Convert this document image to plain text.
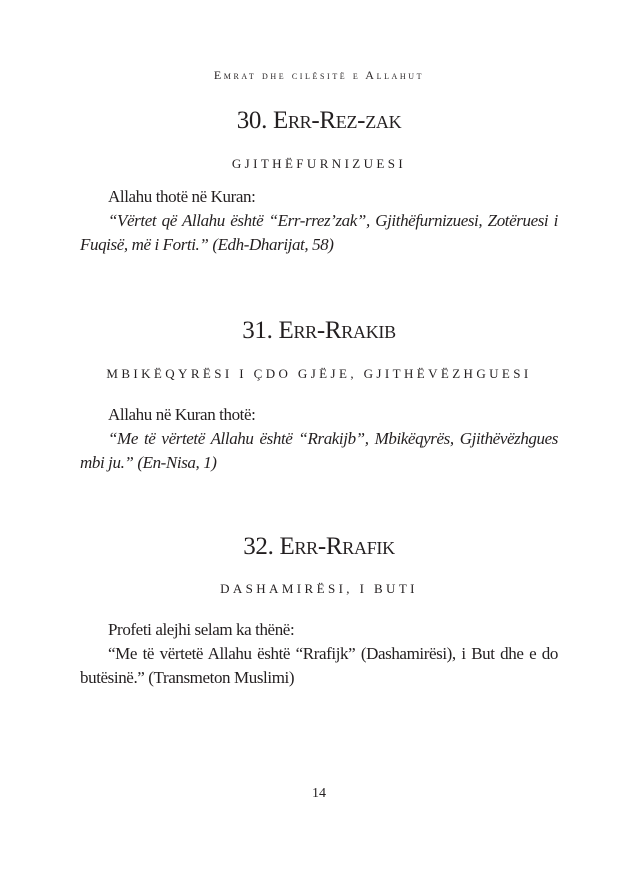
Emrat dhe cilësitë e Allahut
30. Err-Rez-zak
GJITHËFURNIZUESI
Allahu thotë në Kuran:
“Vërtet që Allahu është “Err-rrez’zak”, Gjithëfurnizuesi, Zotëruesi i Fuqisë, më i Forti.” (Edh-Dharijat, 58)
31. Err-Rrakib
MBIKËQYRËSI I ÇDO GJËJE, GJITHËVËZHGUESI
Allahu në Kuran thotë:
“Me të vërtetë Allahu është “Rrakijb”, Mbikëqyrës, Gjithëvëzhgues mbi ju.” (En-Nisa, 1)
32. Err-Rrafik
DASHAMIRËSI, I BUTI
Profeti alejhi selam ka thënë:
“Me të vërtetë Allahu është “Rrafijk” (Dashamirësi), i But dhe e do butësinë.” (Transmeton Muslimi)
14
